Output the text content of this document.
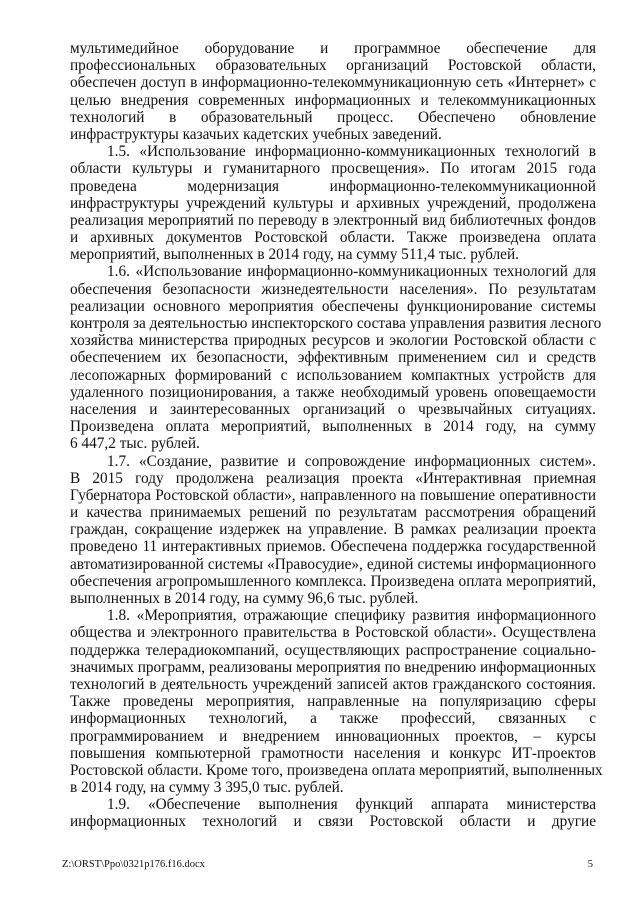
мультимедийное оборудование и программное обеспечение для
профессиональных образовательных организаций Ростовской области,
обеспечен доступ в информационно-телекоммуникационную сеть «Интернет» с
целью внедрения современных информационных и телекоммуникационных
технологий в образовательный процесс. Обеспечено обновление
инфраструктуры казачьих кадетских учебных заведений.
1.5. «Использование информационно-коммуникационных технологий в
области культуры и гуманитарного просвещения». По итогам 2015 года
проведена модернизация информационно-телекоммуникационной
инфраструктуры учреждений культуры и архивных учреждений, продолжена
реализация мероприятий по переводу в электронный вид библиотечных фондов
и архивных документов Ростовской области. Также произведена оплата
мероприятий, выполненных в 2014 году, на сумму 511,4 тыс. рублей.
1.6. «Использование информационно-коммуникационных технологий для
обеспечения безопасности жизнедеятельности населения». По результатам
реализации основного мероприятия обеспечены функционирование системы
контроля за деятельностью инспекторского состава управления развития лесного
хозяйства министерства природных ресурсов и экологии Ростовской области с
обеспечением их безопасности, эффективным применением сил и средств
лесопожарных формирований с использованием компактных устройств для
удаленного позиционирования, а также необходимый уровень оповещаемости
населения и заинтересованных организаций о чрезвычайных ситуациях.
Произведена оплата мероприятий, выполненных в 2014 году, на сумму
6 447,2 тыс. рублей.
1.7. «Создание, развитие и сопровождение информационных систем».
В 2015 году продолжена реализация проекта «Интерактивная приемная
Губернатора Ростовской области», направленного на повышение оперативности
и качества принимаемых решений по результатам рассмотрения обращений
граждан, сокращение издержек на управление. В рамках реализации проекта
проведено 11 интерактивных приемов. Обеспечена поддержка государственной
автоматизированной системы «Правосудие», единой системы информационного
обеспечения агропромышленного комплекса. Произведена оплата мероприятий,
выполненных в 2014 году, на сумму 96,6 тыс. рублей.
1.8. «Мероприятия, отражающие специфику развития информационного
общества и электронного правительства в Ростовской области». Осуществлена
поддержка телерадиокомпаний, осуществляющих распространение социально-
значимых программ, реализованы мероприятия по внедрению информационных
технологий в деятельность учреждений записей актов гражданского состояния.
Также проведены мероприятия, направленные на популяризацию сферы
информационных технологий, а также профессий, связанных с
программированием и внедрением инновационных проектов, – курсы
повышения компьютерной грамотности населения и конкурс ИТ-проектов
Ростовской области. Кроме того, произведена оплата мероприятий, выполненных
в 2014 году, на сумму 3 395,0 тыс. рублей.
1.9. «Обеспечение выполнения функций аппарата министерства
информационных технологий и связи Ростовской области и другие
Z:\ORST\Ppo\0321p176.f16.docx	5
